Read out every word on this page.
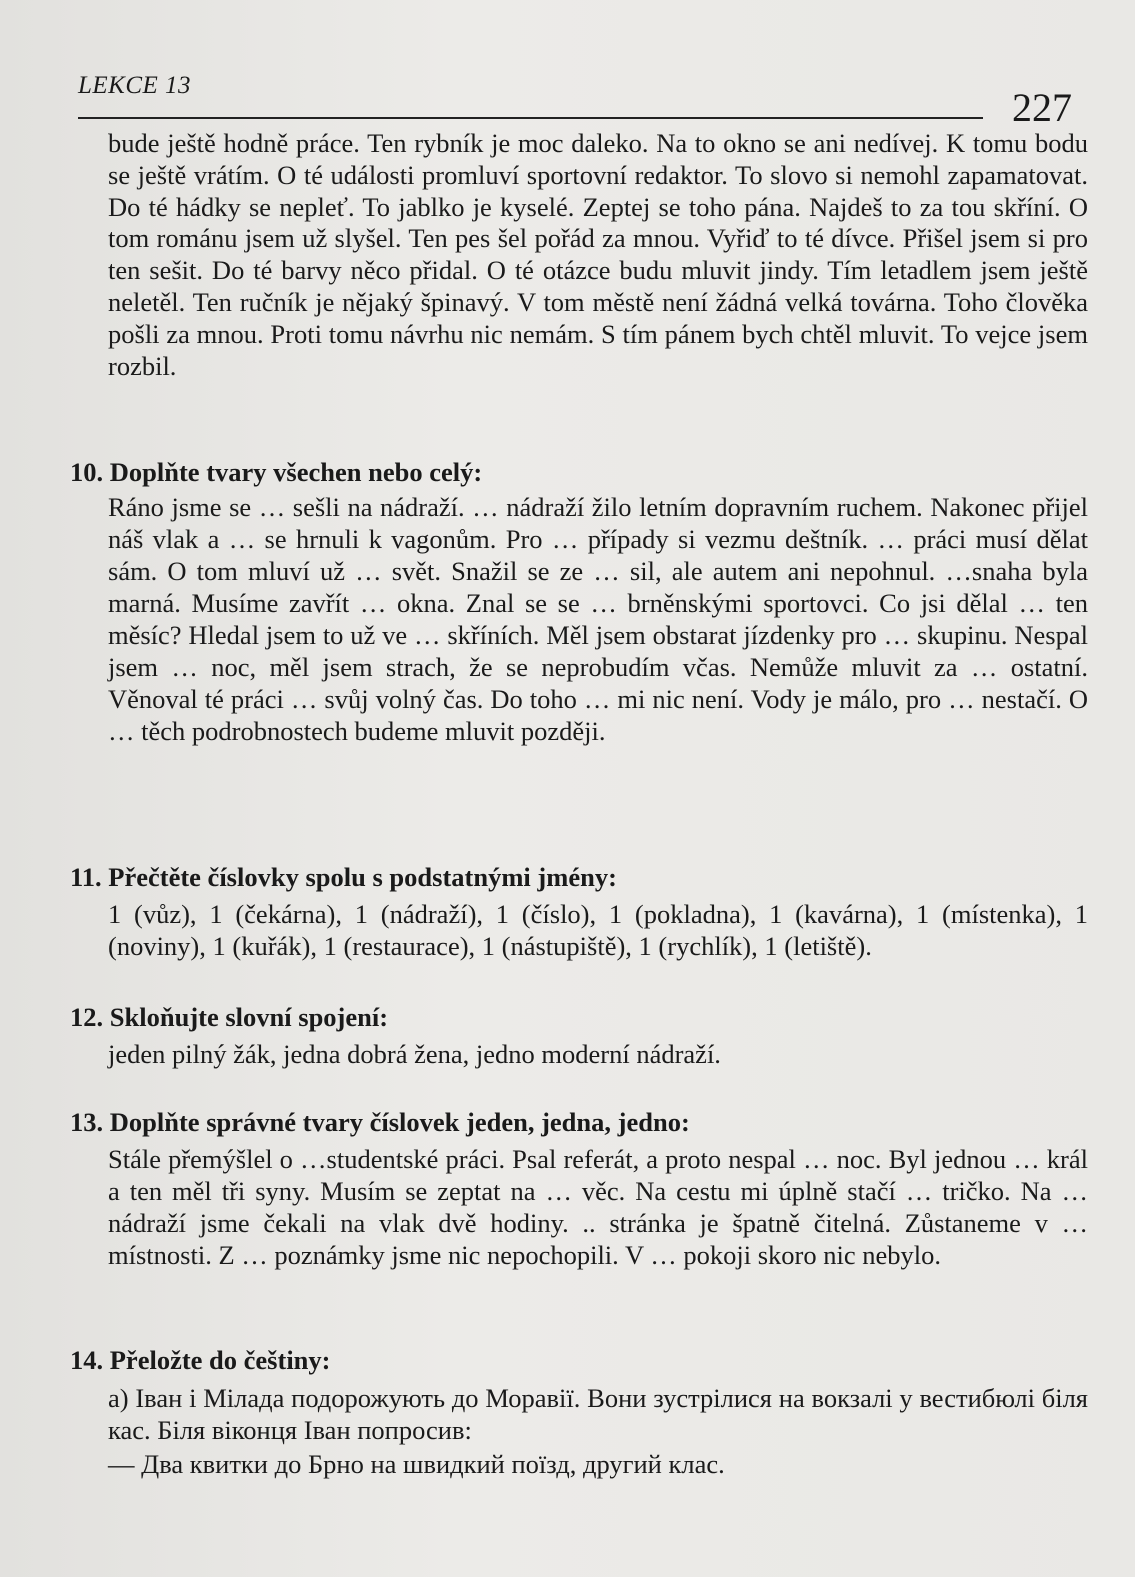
LEKCE 13	227
bude ještě hodně práce. Ten rybník je moc daleko. Na to okno se ani nedívej. K tomu bodu se ještě vrátím. O té události promluví sportovní redaktor. To slovo si nemohl zapamatovat. Do té hádky se nepleť. To jablko je kyselé. Zeptej se toho pána. Najdeš to za tou skříní. O tom románu jsem už slyšel. Ten pes šel pořád za mnou. Vyřiď to té dívce. Přišel jsem si pro ten sešit. Do té barvy něco přidal. O té otázce budu mluvit jindy. Tím letadlem jsem ještě neletěl. Ten ručník je nějaký špinavý. V tom městě není žádná velká továrna. Toho člověka pošli za mnou. Proti tomu návrhu nic nemám. S tím pánem bych chtěl mluvit. To vejce jsem rozbil.
10. Doplňte tvary všechen nebo celý:
Ráno jsme se … sešli na nádraží. … nádraží žilo letním dopravním ruchem. Nakonec přijel náš vlak a … se hrnuli k vagonům. Pro … případy si vezmu deštník. … práci musí dělat sám. O tom mluví už … svět. Snažil se ze … sil, ale autem ani nepohnul. …snaha byla marná. Musíme zavřít … okna. Znal se se … brněnskými sportovci. Co jsi dělal … ten měsíc? Hledal jsem to už ve … skříních. Měl jsem obstarat jízdenky pro … skupinu. Nespal jsem … noc, měl jsem strach, že se neprobudím včas. Nemůže mluvit za … ostatní. Věnoval té práci … svůj volný čas. Do toho … mi nic není. Vody je málo, pro … nestačí. O … těch podrobnostech budeme mluvit později.
11. Přečtěte číslovky spolu s podstatnými jmény:
1 (vůz), 1 (čekárna), 1 (nádraží), 1 (číslo), 1 (pokladna), 1 (kavárna), 1 (místenka), 1 (noviny), 1 (kuřák), 1 (restaurace), 1 (nástupiště), 1 (rychlík), 1 (letiště).
12. Skloňujte slovní spojení:
jeden pilný žák, jedna dobrá žena, jedno moderní nádraží.
13. Doplňte správné tvary číslovek jeden, jedna, jedno:
Stále přemýšlel o …studentské práci. Psal referát, a proto nespal … noc. Byl jednou … král a ten měl tři syny. Musím se zeptat na … věc. Na cestu mi úplně stačí … tričko. Na … nádraží jsme čekali na vlak dvě hodiny. .. stránka je špatně čitelná. Zůstaneme v … místnosti. Z … poznámky jsme nic nepochopili. V … pokoji skoro nic nebylo.
14. Přeložte do češtiny:
а) Іван і Мілада подорожують до Моравії. Вони зустрілися на вокзалі у вестибюлі біля кас. Біля віконця Іван попросив:
— Два квитки до Брно на швидкий поїзд, другий клас.
